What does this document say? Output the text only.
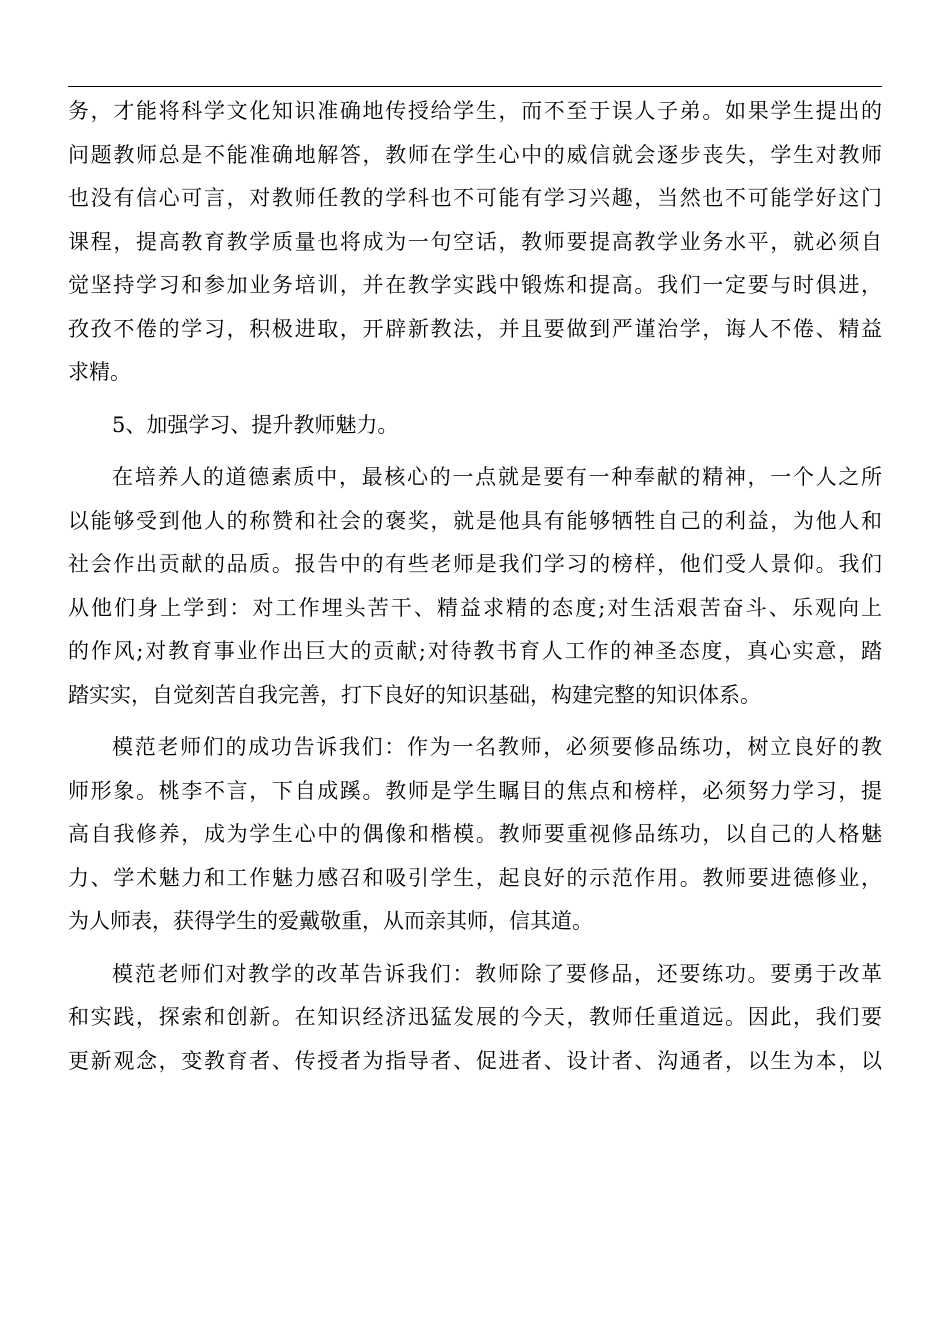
务，才能将科学文化知识准确地传授给学生，而不至于误人子弟。如果学生提出的
问题教师总是不能准确地解答，教师在学生心中的威信就会逐步丧失，学生对教师
也没有信心可言，对教师任教的学科也不可能有学习兴趣，当然也不可能学好这门
课程，提高教育教学质量也将成为一句空话，教师要提高教学业务水平，就必须自
觉坚持学习和参加业务培训，并在教学实践中锻炼和提高。我们一定要与时俱进，
孜孜不倦的学习，积极进取，开辟新教法，并且要做到严谨治学，诲人不倦、精益
求精。
5、加强学习、提升教师魅力。
在培养人的道德素质中，最核心的一点就是要有一种奉献的精神，一个人之所
以能够受到他人的称赞和社会的褒奖，就是他具有能够牺牲自己的利益，为他人和
社会作出贡献的品质。报告中的有些老师是我们学习的榜样，他们受人景仰。我们
从他们身上学到：对工作埋头苦干、精益求精的态度;对生活艰苦奋斗、乐观向上
的作风;对教育事业作出巨大的贡献;对待教书育人工作的神圣态度，真心实意，踏
踏实实，自觉刻苦自我完善，打下良好的知识基础，构建完整的知识体系。
模范老师们的成功告诉我们：作为一名教师，必须要修品练功，树立良好的教
师形象。桃李不言，下自成蹊。教师是学生瞩目的焦点和榜样，必须努力学习，提
高自我修养，成为学生心中的偶像和楷模。教师要重视修品练功，以自己的人格魅
力、学术魅力和工作魅力感召和吸引学生，起良好的示范作用。教师要进德修业，
为人师表，获得学生的爱戴敬重，从而亲其师，信其道。
模范老师们对教学的改革告诉我们：教师除了要修品，还要练功。要勇于改革
和实践，探索和创新。在知识经济迅猛发展的今天，教师任重道远。因此，我们要
更新观念，变教育者、传授者为指导者、促进者、设计者、沟通者，以生为本，以
